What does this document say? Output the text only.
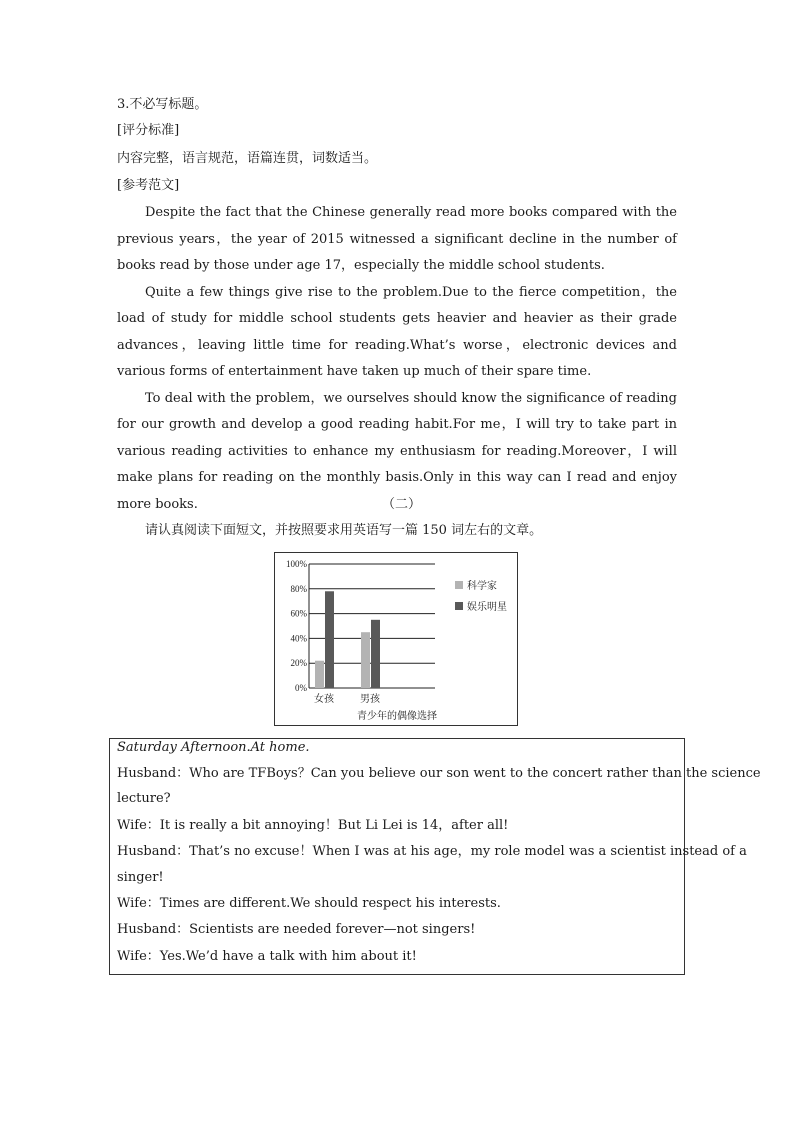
3.不必写标题。
[评分标准]
内容完整，语言规范，语篇连贯，词数适当。
[参考范文]

Despite the fact that the Chinese generally read more books compared with the previous years，the year of 2015 witnessed a significant decline in the number of books read by those under age 17，especially the middle school students.

Quite a few things give rise to the problem.Due to the fierce competition，the load of study for middle school students gets heavier and heavier as their grade advances，leaving little time for reading.What’s worse，electronic devices and various forms of entertainment have taken up much of their spare time.

To deal with the problem，we ourselves should know the significance of reading for our growth and develop a good reading habit.For me，I will try to take part in various reading activities to enhance my enthusiasm for reading.Moreover，I will make plans for reading on the monthly basis.Only in this way can I read and enjoy more books.	（二）
请认真阅读下面短文，并按照要求用英语写一篇 150 词左右的文章。
0%
20%
40%
60%
80%
100%
女孩	男孩
科学家
娱乐明星
青少年的偶像选择
Saturday Afternoon.At home.
Husband：Who are TFBoys？Can you believe our son went to the concert rather than the science
lecture?
Wife：It is really a bit annoying！But Li Lei is 14，after all!
Husband：That’s no excuse！When I was at his age，my role model was a scientist instead of a
singer!
Wife：Times are different.We should respect his interests.
Husband：Scientists are needed forever—not singers!
Wife：Yes.We’d have a talk with him about it!
